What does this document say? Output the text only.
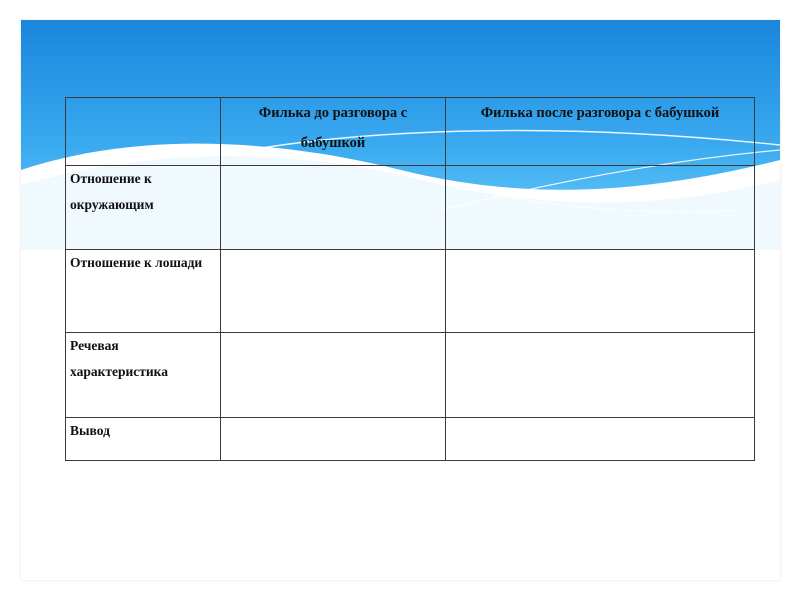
	Филька до разговора с бабушкой	Филька после разговора с бабушкой

Отношение к окружающим		

Отношение к лошади		

Речевая характеристика		

Вывод		
